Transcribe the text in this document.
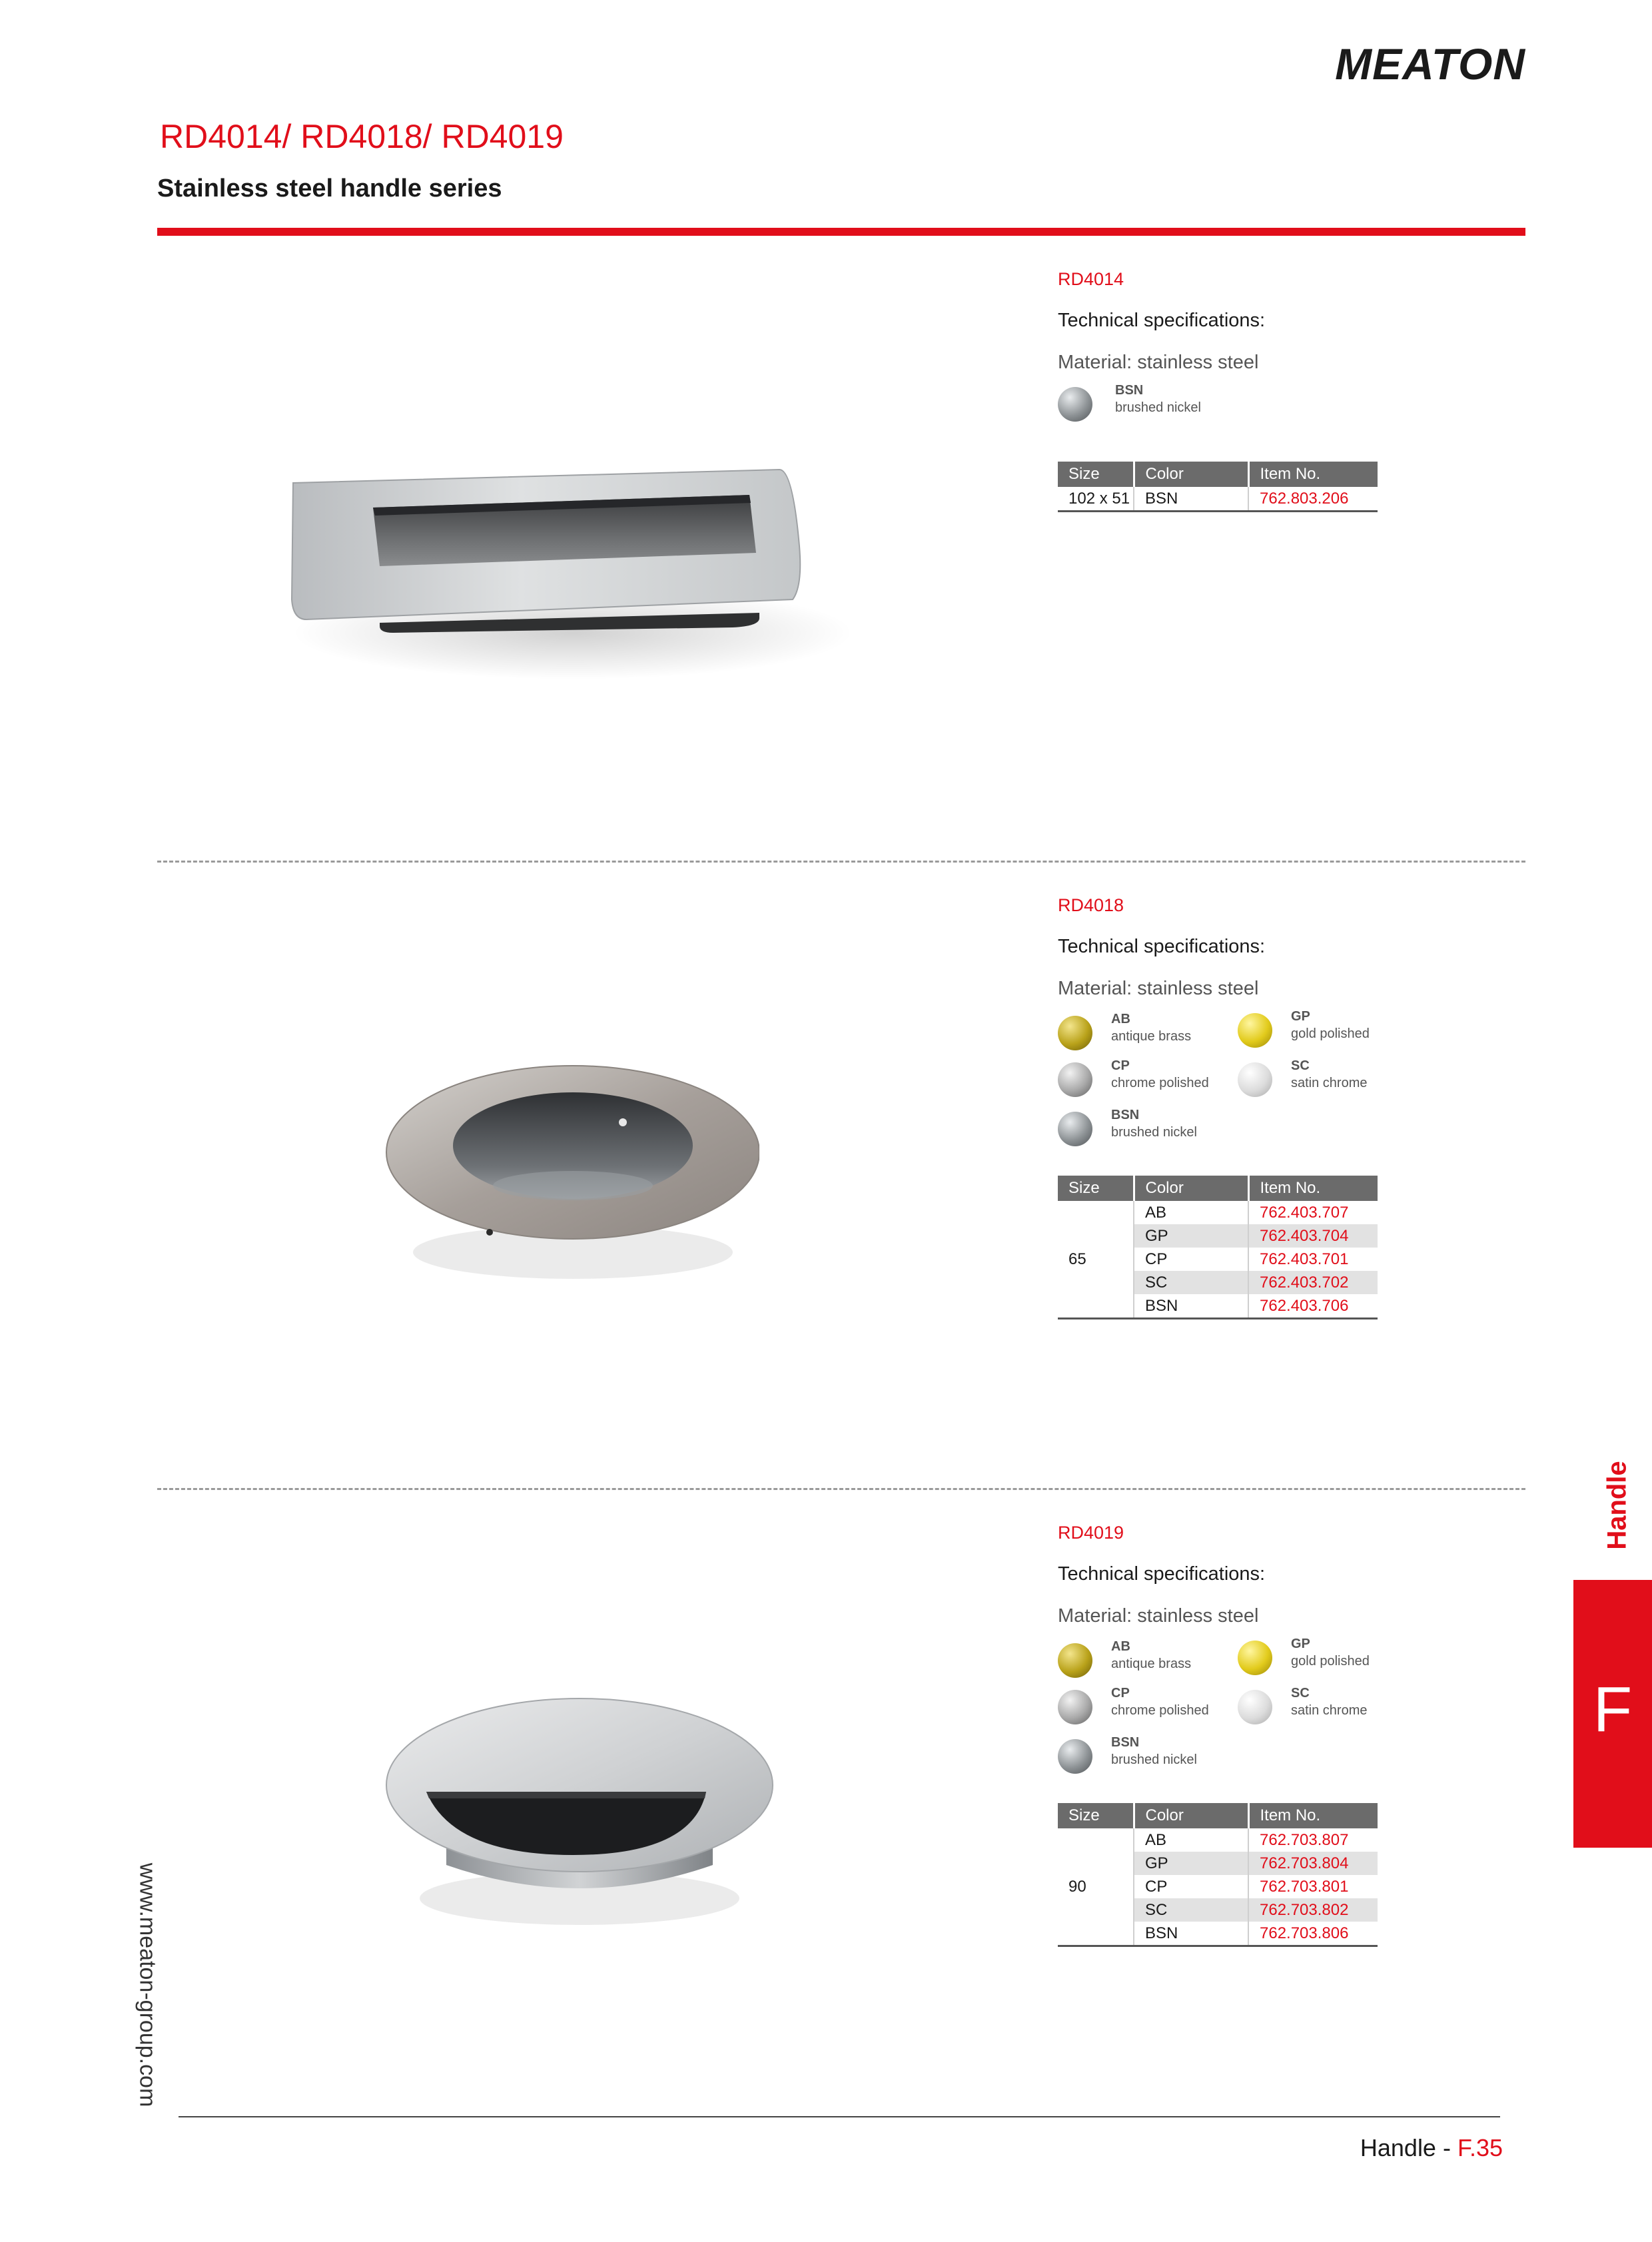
MEATON
RD4014/ RD4018/ RD4019
Stainless steel handle series
RD4014
Technical specifications:
Material: stainless steel
BSN
brushed nickel
Size	Color	Item No.
102 x 51	BSN	762.803.206
RD4018
Technical specifications:
Material: stainless steel
AB
antique brass
GP
gold polished
CP
chrome polished
SC
satin chrome
BSN
brushed nickel
Size	Color	Item No.
65	AB	762.403.707
	GP	762.403.704
	CP	762.403.701
	SC	762.403.702
	BSN	762.403.706
RD4019
Technical specifications:
Material: stainless steel
AB
antique brass
GP
gold polished
CP
chrome polished
SC
satin chrome
BSN
brushed nickel
Size	Color	Item No.
90	AB	762.703.807
	GP	762.703.804
	CP	762.703.801
	SC	762.703.802
	BSN	762.703.806
Handle
F
www.meaton-group.com
Handle - F.35
